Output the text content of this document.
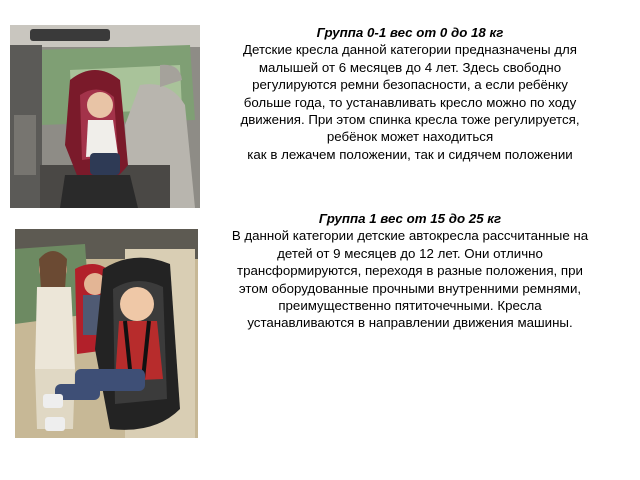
Группа 0-1 вес от 0 до 18 кг

Детские кресла данной категории предназначены для

малышей от 6 месяцев до 4 лет. Здесь свободно

регулируются ремни безопасности, а если ребёнку

больше года, то устанавливать кресло можно по ходу

движения. При этом спинка кресла тоже регулируется,

ребёнок может находиться

как в лежачем положении, так и сидячем положении

Группа 1 вес от 15 до 25 кг

В данной категории детские автокресла рассчитанные на

детей от 9 месяцев до 12 лет. Они отлично

трансформируются, переходя в разные положения, при

этом оборудованные прочными внутренними ремнями,

преимущественно пятиточечными. Кресла

устанавливаются в направлении движения машины.
